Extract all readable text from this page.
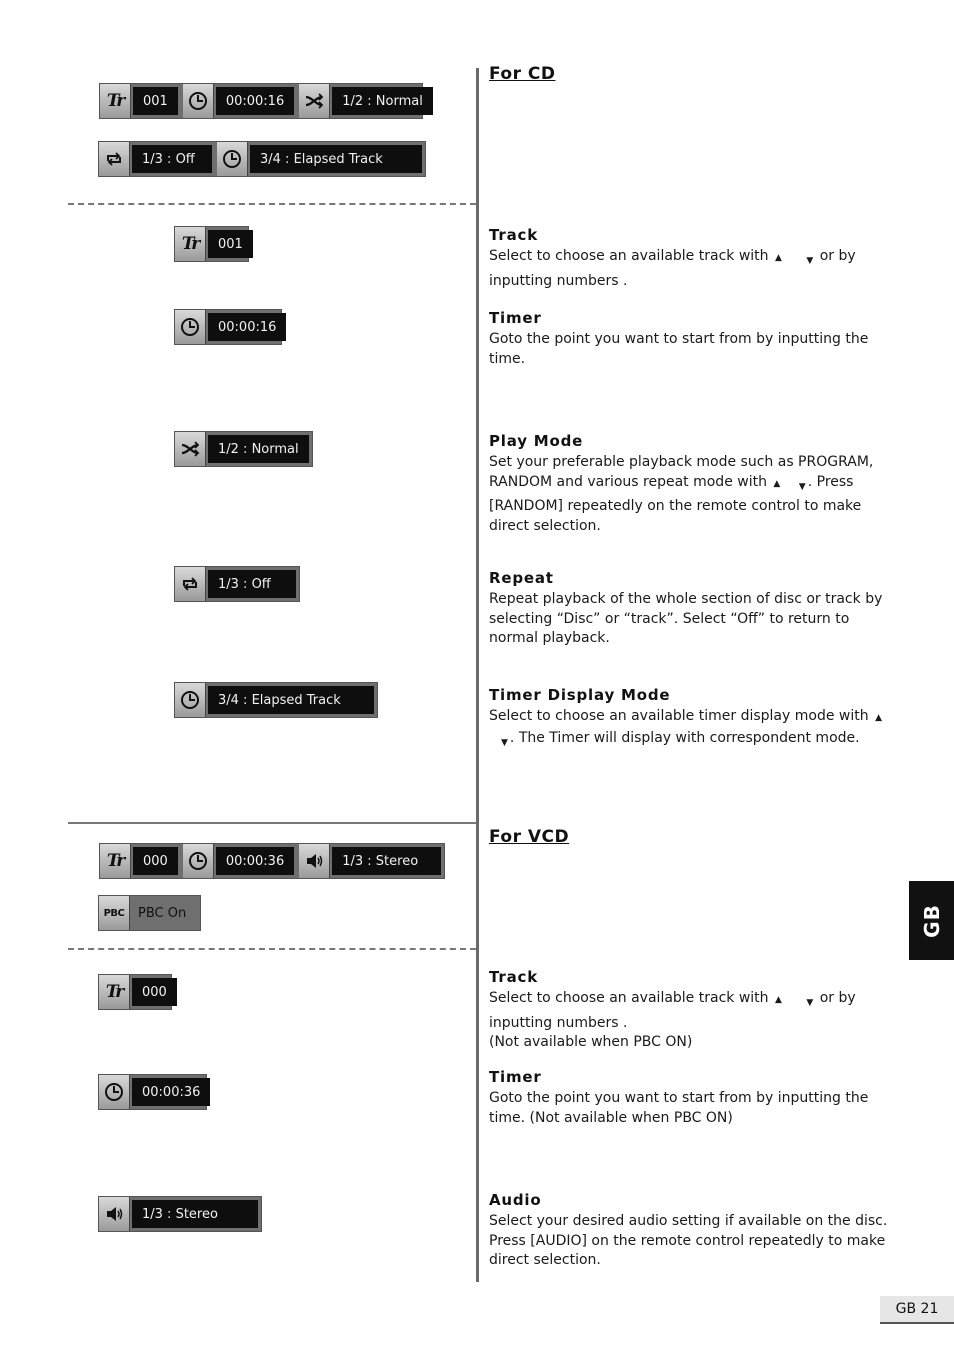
Tr	001	00:00:16	1/2 : Normal
1/3 : Off	3/4 : Elapsed Track
Tr	001
00:00:16
1/2 : Normal
1/3 : Off
3/4 : Elapsed Track
For CD
Track
Select to choose an available track with ▲	$_▼$ or by inputting numbers .
Timer
Goto the point you want to start from by inputting the time.
Play Mode
Set your preferable playback mode such as PROGRAM, RANDOM and various repeat mode with ▲ $_▼$ . Press [RANDOM] repeatedly on the remote control to make direct selection.
Repeat
Repeat playback of the whole section of disc or track by selecting “Disc” or “track”. Select “Off” to return to normal playback.
Timer Display Mode
Select to choose an available timer display mode with ▲ $_▼$ . The Timer will display with correspondent mode.
Tr	000	00:00:36	1/3 : Stereo
PBC	PBC On
Tr	000
00:00:36
1/3 : Stereo
For VCD
Track
Select to choose an available track with ▲	$_▼$ or by inputting numbers .
(Not available when PBC ON)
Timer
Goto the point you want to start from by inputting the time. (Not available when PBC ON)
Audio
Select your desired audio setting if available on the disc. Press [AUDIO] on the remote control repeatedly to make direct selection.
GB
GB 21
